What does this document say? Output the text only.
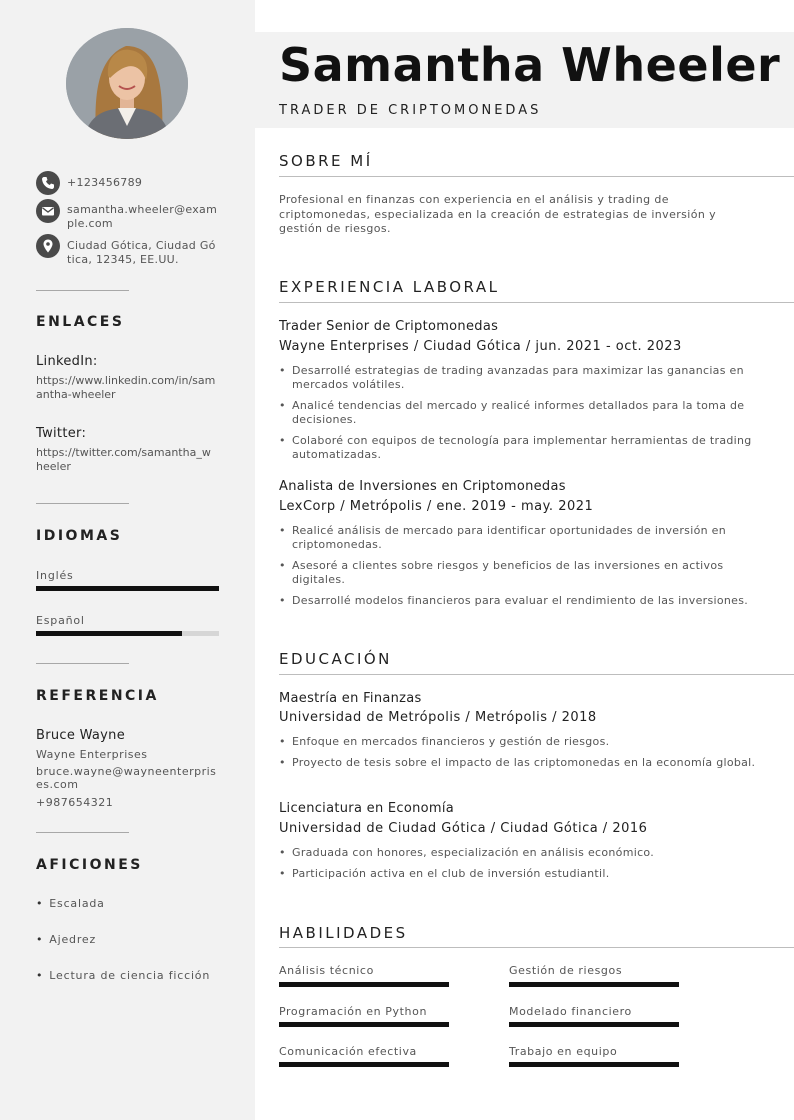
+123456789
samantha.wheeler@example.com
Ciudad Gótica, Ciudad Gótica, 12345, EE.UU.
ENLACES
LinkedIn:
https://www.linkedin.com/in/samantha-wheeler
Twitter:
https://twitter.com/samantha_wheeler
IDIOMAS
Inglés
Español
REFERENCIA
Bruce Wayne
Wayne Enterprises
bruce.wayne@wayneenterprises.com
+987654321
AFICIONES
• Escalada
• Ajedrez
• Lectura de ciencia ficción
Samantha Wheeler
TRADER DE CRIPTOMONEDAS
SOBRE MÍ
Profesional en finanzas con experiencia en el análisis y trading de criptomonedas, especializada en la creación de estrategias de inversión y gestión de riesgos.
EXPERIENCIA LABORAL
Trader Senior de Criptomonedas
Wayne Enterprises / Ciudad Gótica / jun. 2021 - oct. 2023
• Desarrollé estrategias de trading avanzadas para maximizar las ganancias en mercados volátiles.
• Analicé tendencias del mercado y realicé informes detallados para la toma de decisiones.
• Colaboré con equipos de tecnología para implementar herramientas de trading automatizadas.
Analista de Inversiones en Criptomonedas
LexCorp / Metrópolis / ene. 2019 - may. 2021
• Realicé análisis de mercado para identificar oportunidades de inversión en criptomonedas.
• Asesoré a clientes sobre riesgos y beneficios de las inversiones en activos digitales.
• Desarrollé modelos financieros para evaluar el rendimiento de las inversiones.
EDUCACIÓN
Maestría en Finanzas
Universidad de Metrópolis / Metrópolis / 2018
• Enfoque en mercados financieros y gestión de riesgos.
• Proyecto de tesis sobre el impacto de las criptomonedas en la economía global.
Licenciatura en Economía
Universidad de Ciudad Gótica / Ciudad Gótica / 2016
• Graduada con honores, especialización en análisis económico.
• Participación activa en el club de inversión estudiantil.
HABILIDADES
Análisis técnico	Gestión de riesgos
Programación en Python	Modelado financiero
Comunicación efectiva	Trabajo en equipo
